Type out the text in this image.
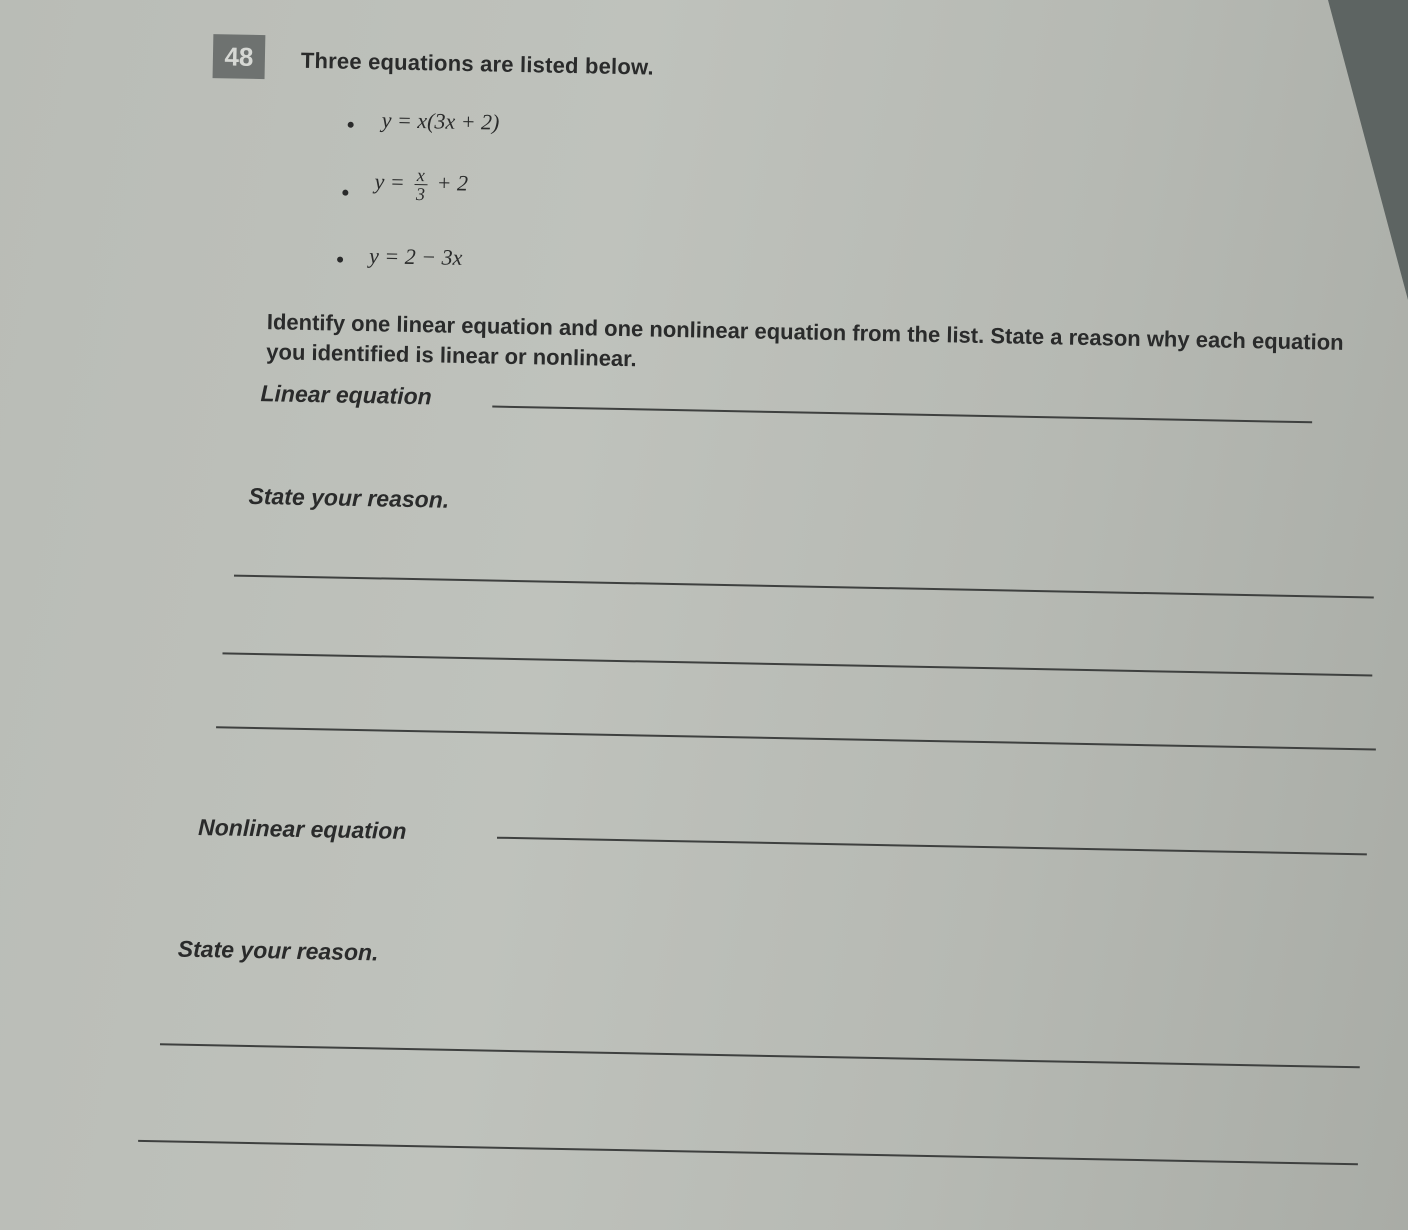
48	Three equations are listed below.
y = x(3x + 2)
$y = \frac{x}{3} + 2$
y = 2 − 3x
Identify one linear equation and one nonlinear equation from the list. State a reason why each equation you identified is linear or nonlinear.
Linear equation
State your reason.
Nonlinear equation
State your reason.
